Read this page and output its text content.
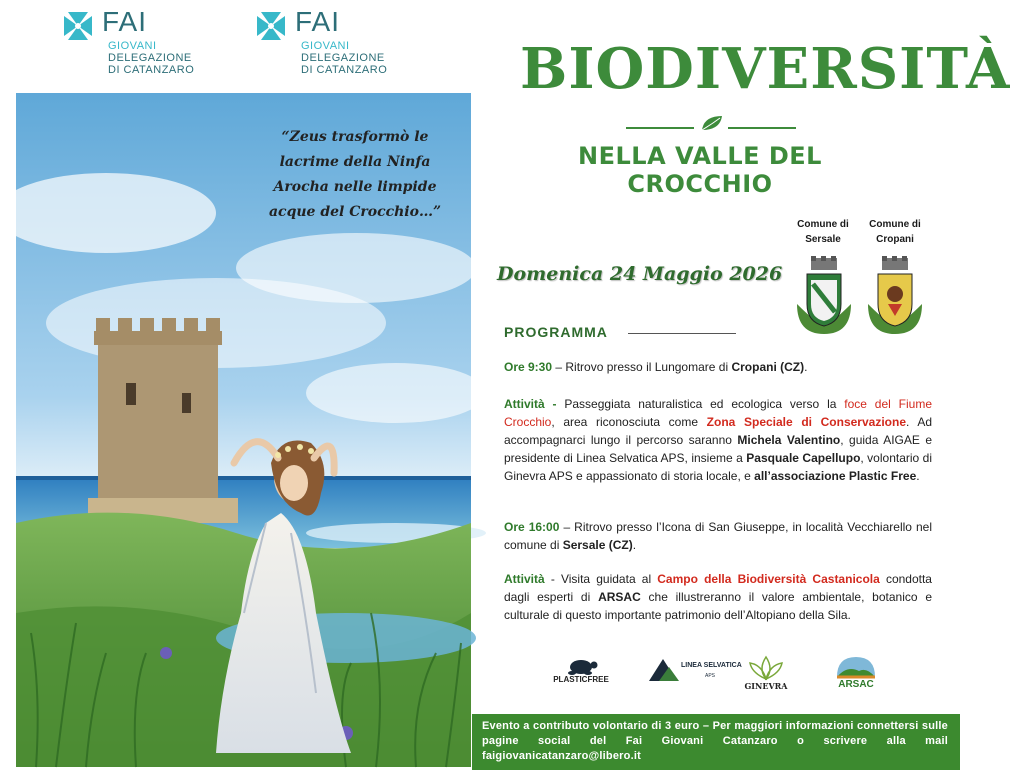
FAI
GIOVANI
DELEGAZIONE
DI CATANZARO
FAI
GIOVANI
DELEGAZIONE
DI CATANZARO
“Zeus trasformò le lacrime della Ninfa Arocha nelle limpide acque del Crocchio…”
BIODIVERSITÀ
NELLA VALLE DEL CROCCHIO
Comune di Sersale
Comune di Cropani
Domenica 24 Maggio 2026
PROGRAMMA
Ore 9:30 – Ritrovo presso il Lungomare di Cropani (CZ).
Attività - Passeggiata naturalistica ed ecologica verso la foce del Fiume Crocchio, area riconosciuta come Zona Speciale di Conservazione. Ad accompagnarci lungo il percorso saranno Michela Valentino, guida AIGAE e presidente di Linea Selvatica APS, insieme a Pasquale Capellupo, volontario di Ginevra APS e appassionato di storia locale, e all’associazione Plastic Free.
Ore 16:00 – Ritrovo presso l’Icona di San Giuseppe, in località Vecchiarello nel comune di Sersale (CZ).
Attività - Visita guidata al Campo della Biodiversità Castanicola condotta dagli esperti di ARSAC che illustreranno il valore ambientale, botanico e culturale di questo importante patrimonio dell’Altopiano della Sila.
PLASTICFREE
LINEA SELVATICA
APS
GINEVRA	ARSAC
Evento a contributo volontario di 3 euro – Per maggiori informazioni connettersi sulle pagine social del Fai Giovani Catanzaro o scrivere alla mail faigiovanicatanzaro@libero.it
